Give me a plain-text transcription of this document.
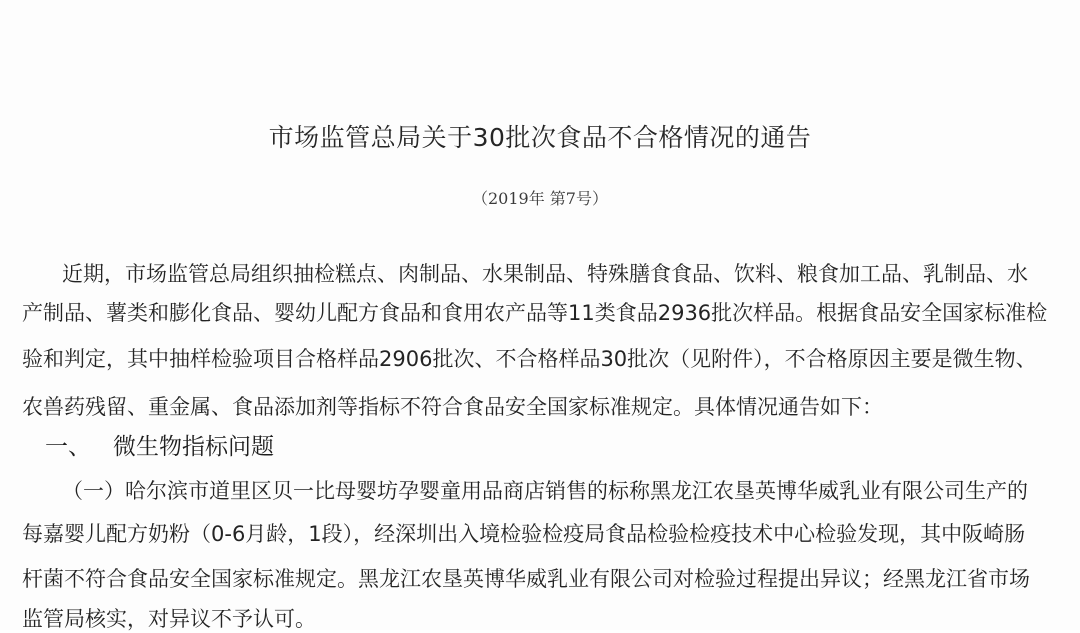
市场监管总局关于30批次食品不合格情况的通告
（2019年 第7号）
近期，市场监管总局组织抽检糕点、肉制品、水果制品、特殊膳食食品、饮料、粮食加工品、乳制品、水
产制品、薯类和膨化食品、婴幼儿配方食品和食用农产品等11类食品2936批次样品。根据食品安全国家标准检
验和判定，其中抽样检验项目合格样品2906批次、不合格样品30批次（见附件），不合格原因主要是微生物、
农兽药残留、重金属、食品添加剂等指标不符合食品安全国家标准规定。具体情况通告如下：
一、 微生物指标问题
（一）哈尔滨市道里区贝一比母婴坊孕婴童用品商店销售的标称黑龙江农垦英博华威乳业有限公司生产的
每嘉婴儿配方奶粉（0-6月龄，1段），经深圳出入境检验检疫局食品检验检疫技术中心检验发现，其中阪崎肠
杆菌不符合食品安全国家标准规定。黑龙江农垦英博华威乳业有限公司对检验过程提出异议；经黑龙江省市场
监管局核实，对异议不予认可。
